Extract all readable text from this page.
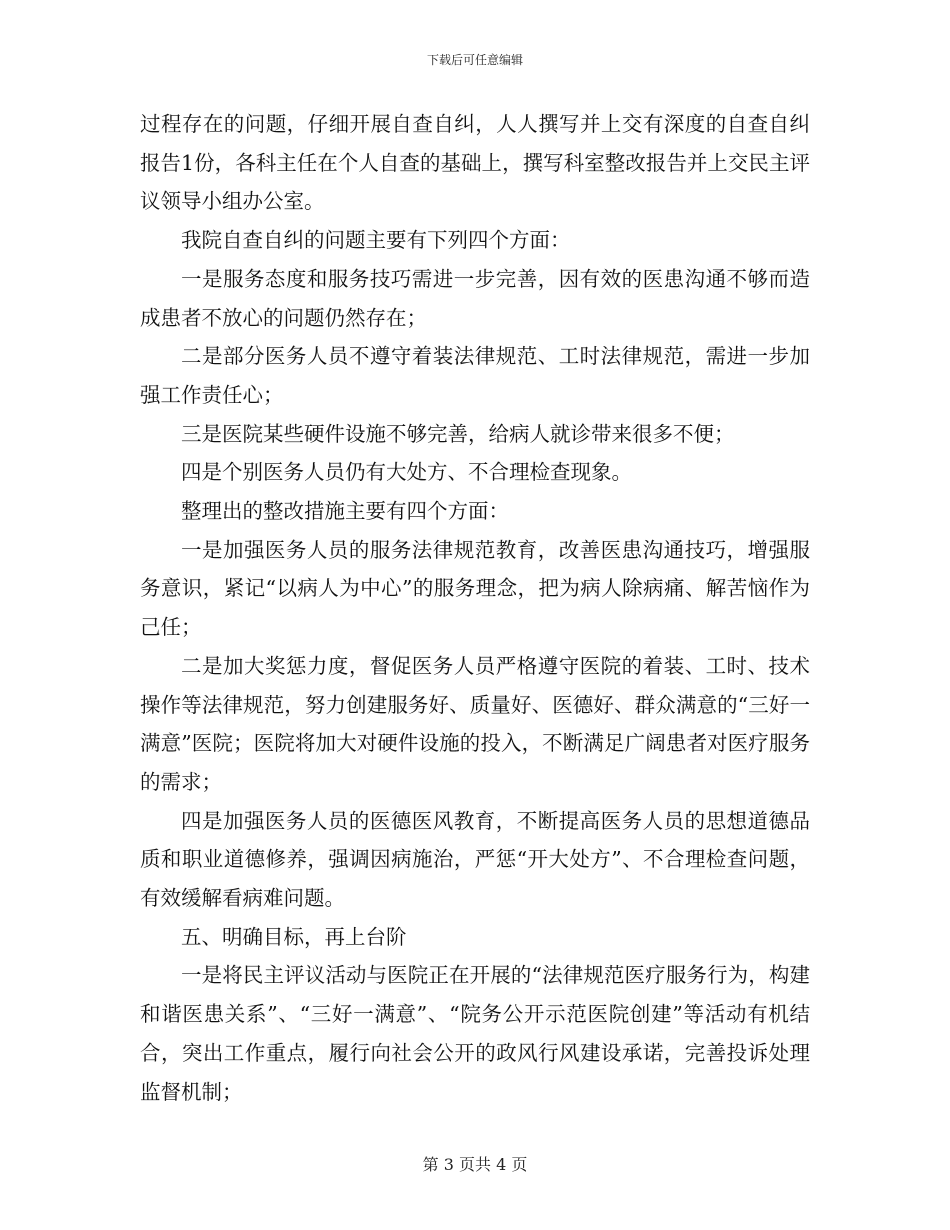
下载后可任意编辑

过程存在的问题，仔细开展自查自纠，人人撰写并上交有深度的自查自纠报告1份，各科主任在个人自查的基础上，撰写科室整改报告并上交民主评议领导小组办公室。

我院自查自纠的问题主要有下列四个方面：

一是服务态度和服务技巧需进一步完善，因有效的医患沟通不够而造成患者不放心的问题仍然存在；

二是部分医务人员不遵守着装法律规范、工时法律规范，需进一步加强工作责任心；

三是医院某些硬件设施不够完善，给病人就诊带来很多不便；

四是个别医务人员仍有大处方、不合理检查现象。

整理出的整改措施主要有四个方面：

一是加强医务人员的服务法律规范教育，改善医患沟通技巧，增强服务意识，紧记“以病人为中心”的服务理念，把为病人除病痛、解苦恼作为己任；

二是加大奖惩力度，督促医务人员严格遵守医院的着装、工时、技术操作等法律规范，努力创建服务好、质量好、医德好、群众满意的“三好一满意”医院；医院将加大对硬件设施的投入，不断满足广阔患者对医疗服务的需求；

四是加强医务人员的医德医风教育，不断提高医务人员的思想道德品质和职业道德修养，强调因病施治，严惩“开大处方”、不合理检查问题，有效缓解看病难问题。

五、明确目标，再上台阶

一是将民主评议活动与医院正在开展的“法律规范医疗服务行为，构建和谐医患关系”、“三好一满意”、“院务公开示范医院创建”等活动有机结合，突出工作重点，履行向社会公开的政风行风建设承诺，完善投诉处理监督机制；

第 3 页共 4 页
